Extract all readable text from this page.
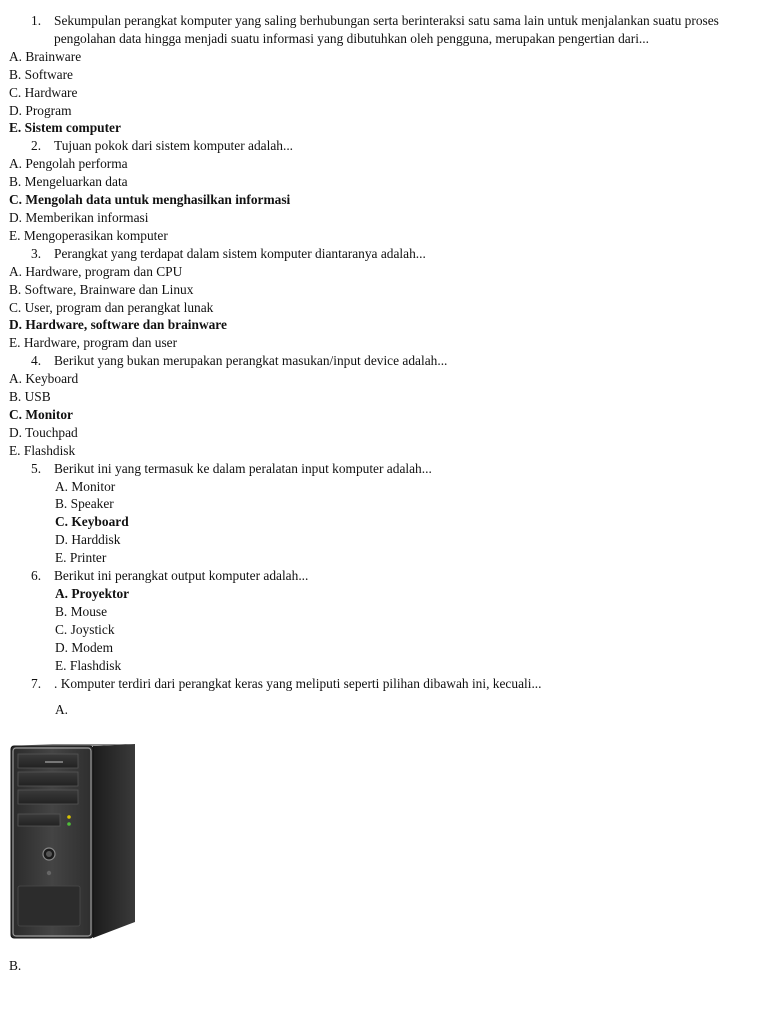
1. Sekumpulan perangkat komputer yang saling berhubungan serta berinteraksi satu sama lain untuk menjalankan suatu proses pengolahan data hingga menjadi suatu informasi yang dibutuhkan oleh pengguna, merupakan pengertian dari...
A. Brainware
B. Software
C. Hardware
D. Program
E. Sistem computer
2. Tujuan pokok dari sistem komputer adalah...
A. Pengolah performa
B. Mengeluarkan data
C. Mengolah data untuk menghasilkan informasi
D. Memberikan informasi
E. Mengoperasikan komputer
3. Perangkat yang terdapat dalam sistem komputer diantaranya adalah...
A. Hardware, program dan CPU
B. Software, Brainware dan Linux
C. User, program dan perangkat lunak
D. Hardware, software dan brainware
E. Hardware, program dan user
4. Berikut yang bukan merupakan perangkat masukan/input device adalah...
A. Keyboard
B. USB
C. Monitor
D. Touchpad
E. Flashdisk
5. Berikut ini yang termasuk ke dalam peralatan input komputer adalah...
A. Monitor
B. Speaker
C. Keyboard
D. Harddisk
E. Printer
6. Berikut ini perangkat output komputer adalah...
A. Proyektor
B. Mouse
C. Joystick
D. Modem
E. Flashdisk
7. . Komputer terdiri dari perangkat keras yang meliputi seperti pilihan dibawah ini, kecuali...
A.
B.
